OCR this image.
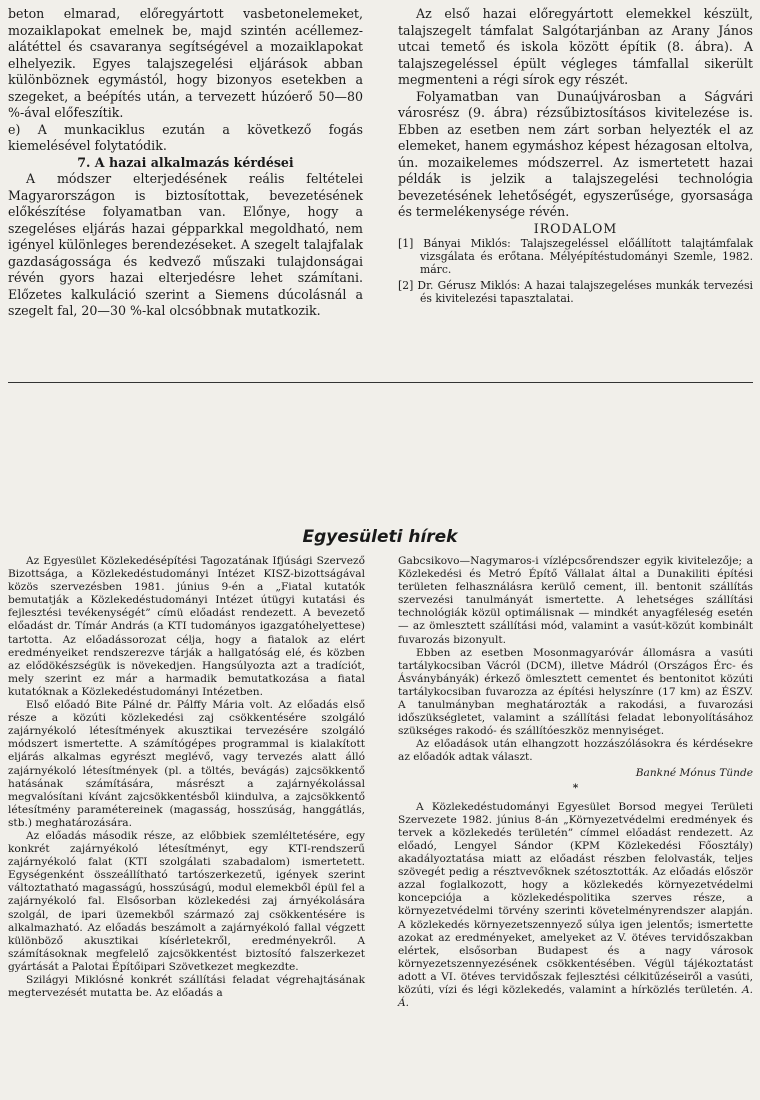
beton elmarad, előregyártott vasbetonelemeket, mozaiklapokat emelnek be, majd szintén acéllemez-alátéttel és csavaranya segítségével a mozaiklapokat elhelyezik. Egyes talajszegelési eljárások abban különböznek egymástól, hogy bizonyos esetekben a szegeket, a beépítés után, a tervezett húzóerő 50—80 %-ával előfeszítik.

e) A munkaciklus ezután a következő fogás kiemelésével folytatódik.

7. A hazai alkalmazás kérdései

A módszer elterjedésének reális feltételei Magyarországon is biztosítottak, bevezetésének előkészítése folyamatban van. Előnye, hogy a szegeléses eljárás hazai gépparkkal megoldható, nem igényel különleges berendezéseket. A szegelt talajfalak gazdaságossága és kedvező műszaki tulajdonságai révén gyors hazai elterjedésre lehet számítani. Előzetes kalkuláció szerint a Siemens dúcolásnál a szegelt fal, 20—30 %-kal olcsóbbnak mutatkozik.

Az első hazai előregyártott elemekkel készült, talajszegelt támfalat Salgótarjánban az Arany János utcai temető és iskola között építik (8. ábra). A talajszegeléssel épült végleges támfallal sikerült megmenteni a régi sírok egy részét.

Folyamatban van Dunaújvárosban a Ságvári városrész (9. ábra) rézsűbiztosításos kivitelezése is. Ebben az esetben nem zárt sorban helyezték el az elemeket, hanem egymáshoz képest hézagosan eltolva, ún. mozaikelemes módszerrel. Az ismertetett hazai példák is jelzik a talajszegelési technológia bevezetésének lehetőségét, egyszerűsége, gyorsasága és termelékenysége révén.

IRODALOM

[1] Bányai Miklós: Talajszegeléssel előállított talajtámfalak vizsgálata és erőtana. Mélyépítéstudományi Szemle, 1982. márc.

[2] Dr. Gérusz Miklós: A hazai talajszegeléses munkák tervezési és kivitelezési tapasztalatai.

Egyesületi hírek

Az Egyesület Közlekedésépítési Tagozatának Ifjúsági Szervező Bizottsága, a Közlekedéstudományi Intézet KISZ-bizottságával közös szervezésben 1981. június 9-én a „Fiatal kutatók bemutatják a Közlekedéstudományi Intézet útügyi kutatási és fejlesztési tevékenységét” címü előadást rendezett. A bevezető előadást dr. Tímár András (a KTI tudományos igazgatóhelyettese) tartotta. Az előadássorozat célja, hogy a fiatalok az elért eredményeiket rendszerezve tárják a hallgatóság elé, és közben az elődökészségük is növekedjen. Hangsúlyozta azt a tradíciót, mely szerint ez már a harmadik bemutatkozása a fiatal kutatóknak a Közlekedéstudományi Intézetben.

Első előadó Bite Pálné dr. Pálffy Mária volt. Az előadás első része a közúti közlekedési zaj csökkentésére szolgáló zajárnyékoló létesítmények akusztikai tervezésére szolgáló módszert ismertette. A számítógépes programmal is kialakított eljárás alkalmas egyrészt meglévő, vagy tervezés alatt álló zajárnyékoló létesítmények (pl. a töltés, bevágás) zajcsökkentő hatásának számítására, másrészt a zajárnyékolással megvalósítani kívánt zajcsökkentésből kiindulva, a zajcsökkentő létesítmény paramétereinek (magasság, hosszúság, hanggátlás, stb.) meghatározására.

Az előadás második része, az előbbiek szemléltetésére, egy konkrét zajárnyékoló létesítményt, egy KTI-rendszerű zajárnyékoló falat (KTI szolgálati szabadalom) ismertetett. Egységenként összeállítható tartószerkezetű, igények szerint változtatható magasságú, hosszúságú, modul elemekből épül fel a zajárnyékoló fal. Elsősorban közlekedési zaj árnyékolására szolgál, de ipari üzemekből származó zaj csökkentésére is alkalmazható. Az előadás beszámolt a zajárnyékoló fallal végzett különböző akusztikai kísérletekről, eredményekről. A számításoknak megfelelő zajcsökkentést biztosító falszerkezet gyártását a Palotai Építőipari Szövetkezet megkezdte.

Szilágyi Miklósné konkrét szállítási feladat végrehajtásának megtervezését mutatta be. Az előadás a

Gabcsikovo—Nagymaros-i vízlépcsőrendszer egyik kivitelezője; a Közlekedési és Metró Építő Vállalat által a Dunakiliti építési területen felhasználásra kerülő cement, ill. bentonit szállítás szervezési tanulmányát ismertette. A lehetséges szállítási technológiák közül optimálisnak — mindkét anyagféleség esetén — az ömlesztett szállítási mód, valamint a vasút-közút kombinált fuvarozás bizonyult.

Ebben az esetben Mosonmagyaróvár állomásra a vasúti tartálykocsiban Vácról (DCM), illetve Mádról (Országos Érc- és Ásványbányák) érkező ömlesztett cementet és bentonitot közúti tartálykocsiban fuvarozza az építési helyszínre (17 km) az ÉSZV. A tanulmányban meghatározták a rakodási, a fuvarozási időszükségletet, valamint a szállítási feladat lebonyolításához szükséges rakodó- és szállítóeszköz mennyiséget.

Az előadások után elhangzott hozzászólásokra és kérdésekre az előadók adtak választ.

Bankné Mónus Tünde

*

A Közlekedéstudományi Egyesület Borsod megyei Területi Szervezete 1982. június 8-án „Környezetvédelmi eredmények és tervek a közlekedés területén” címmel előadást rendezett. Az előadó, Lengyel Sándor (KPM Közlekedési Főosztály) akadályoztatása miatt az előadást részben felolvasták, teljes szövegét pedig a résztvevőknek szétosztották. Az előadás először azzal foglalkozott, hogy a közlekedés környezetvédelmi koncepciója a közlekedéspolitika szerves része, a környezetvédelmi törvény szerinti követelményrendszer alapján. A közlekedés környezetszennyező súlya igen jelentős; ismertette azokat az eredményeket, amelyeket az V. ötéves tervidőszakban elértek, elsősorban Budapest és a nagy városok környezetszennyezésének csökkentésében. Végül tájékoztatást adott a VI. ötéves tervidőszak fejlesztési célkitűzéseiről a vasúti, közúti, vízi és légi közlekedés, valamint a hírközlés területén. A. Á.
